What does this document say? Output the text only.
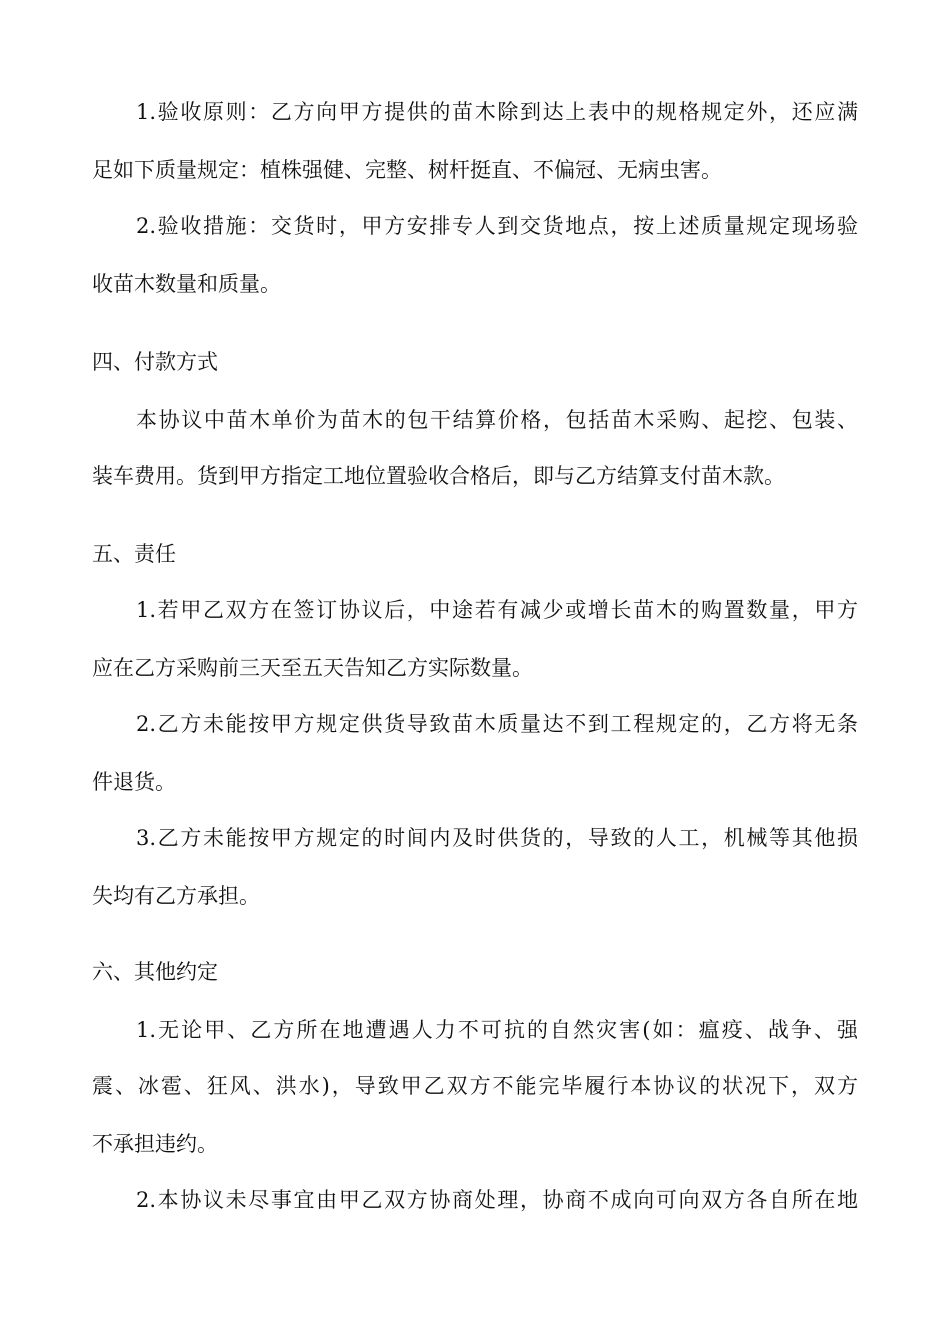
1.验收原则：乙方向甲方提供的苗木除到达上表中的规格规定外，还应满
足如下质量规定：植株强健、完整、树杆挺直、不偏冠、无病虫害。
2.验收措施：交货时，甲方安排专人到交货地点，按上述质量规定现场验
收苗木数量和质量。
四、付款方式
本协议中苗木单价为苗木的包干结算价格，包括苗木采购、起挖、包装、
装车费用。货到甲方指定工地位置验收合格后，即与乙方结算支付苗木款。
五、责任
1.若甲乙双方在签订协议后，中途若有减少或增长苗木的购置数量，甲方
应在乙方采购前三天至五天告知乙方实际数量。
2.乙方未能按甲方规定供货导致苗木质量达不到工程规定的，乙方将无条
件退货。
3.乙方未能按甲方规定的时间内及时供货的，导致的人工，机械等其他损
失均有乙方承担。
六、其他约定
1.无论甲、乙方所在地遭遇人力不可抗的自然灾害(如：瘟疫、战争、强
震、冰雹、狂风、洪水)，导致甲乙双方不能完毕履行本协议的状况下，双方
不承担违约。
2.本协议未尽事宜由甲乙双方协商处理，协商不成向可向双方各自所在地
